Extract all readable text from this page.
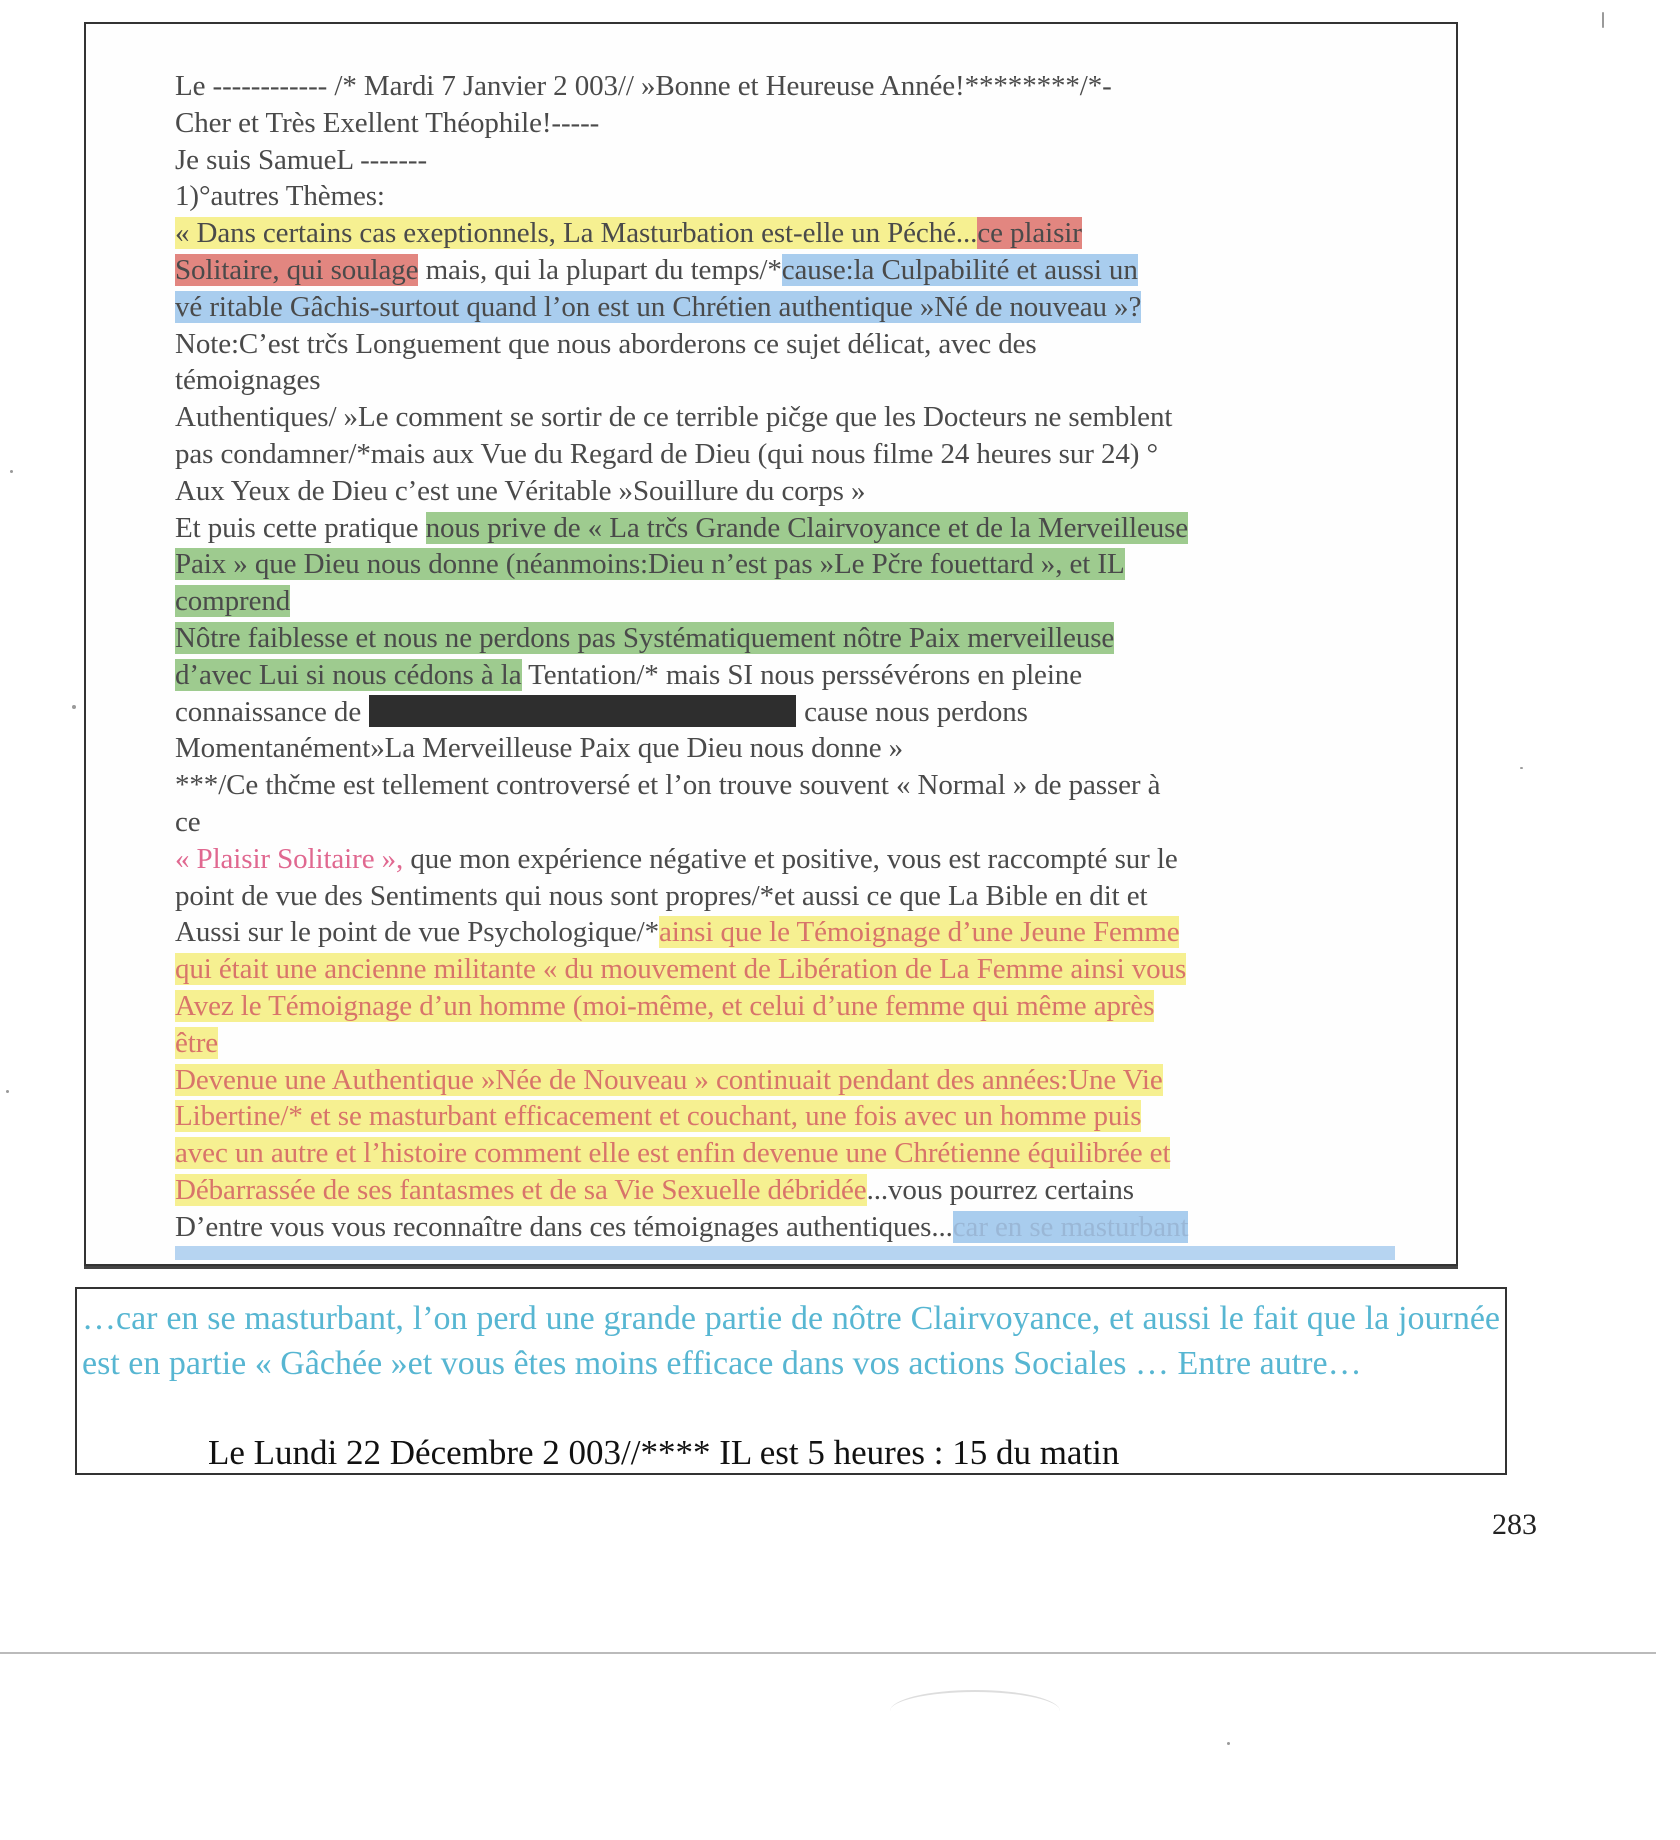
Le ------------ /* Mardi 7 Janvier 2 003// »Bonne et Heureuse Année!********/*-
Cher et Très Exellent Théophile!-----
Je suis SamueL -------
1)°autres Thèmes:
« Dans certains cas exeptionnels, La Masturbation est-elle un Péché...ce plaisir
Solitaire, qui soulage mais, qui la plupart du temps/*cause:la Culpabilité et aussi un
vé ritable Gâchis-surtout quand l’on est un Chrétien authentique »Né de nouveau »?
Note:C’est trčs Longuement que nous aborderons ce sujet délicat, avec des
témoignages
Authentiques/ »Le comment se sortir de ce terrible pičge que les Docteurs ne semblent
pas condamner/*mais aux Vue du Regard de Dieu (qui nous filme 24 heures sur 24) °
Aux Yeux de Dieu c’est une Véritable »Souillure du corps »
Et puis cette pratique nous prive de « La trčs Grande Clairvoyance et de la Merveilleuse
Paix » que Dieu nous donne (néanmoins:Dieu n’est pas »Le Pčre fouettard », et IL
comprend
Nôtre faiblesse et nous ne perdons pas Systématiquement nôtre Paix merveilleuse
d’avec Lui si nous cédons à la Tentation/* mais SI nous perssévérons en pleine
connaissance de	cause nous perdons
Momentanément»La Merveilleuse Paix que Dieu nous donne »
***/Ce thčme est tellement controversé et l’on trouve souvent « Normal » de passer à
ce
« Plaisir Solitaire », que mon expérience négative et positive, vous est raccompté sur le
point de vue des Sentiments qui nous sont propres/*et aussi ce que La Bible en dit et
Aussi sur le point de vue Psychologique/*ainsi que le Témoignage d’une Jeune Femme
qui était une ancienne militante « du mouvement de Libération de La Femme ainsi vous
Avez le Témoignage d’un homme (moi-même, et celui d’une femme qui même après
être
Devenue une Authentique »Née de Nouveau » continuait pendant des années:Une Vie
Libertine/* et se masturbant efficacement et couchant, une fois avec un homme puis
avec un autre et l’histoire comment elle est enfin devenue une Chrétienne équilibrée et
Débarrassée de ses fantasmes et de sa Vie Sexuelle débridée...vous pourrez certains
D’entre vous vous reconnaître dans ces témoignages authentiques...car en se masturbant
…car en se masturbant, l’on perd une grande partie de nôtre Clairvoyance, et aussi le fait que la journée est en partie « Gâchée »et vous êtes moins efficace dans vos actions Sociales … Entre autre…
Le Lundi 22 Décembre 2 003//**** IL est 5 heures : 15 du matin
283
